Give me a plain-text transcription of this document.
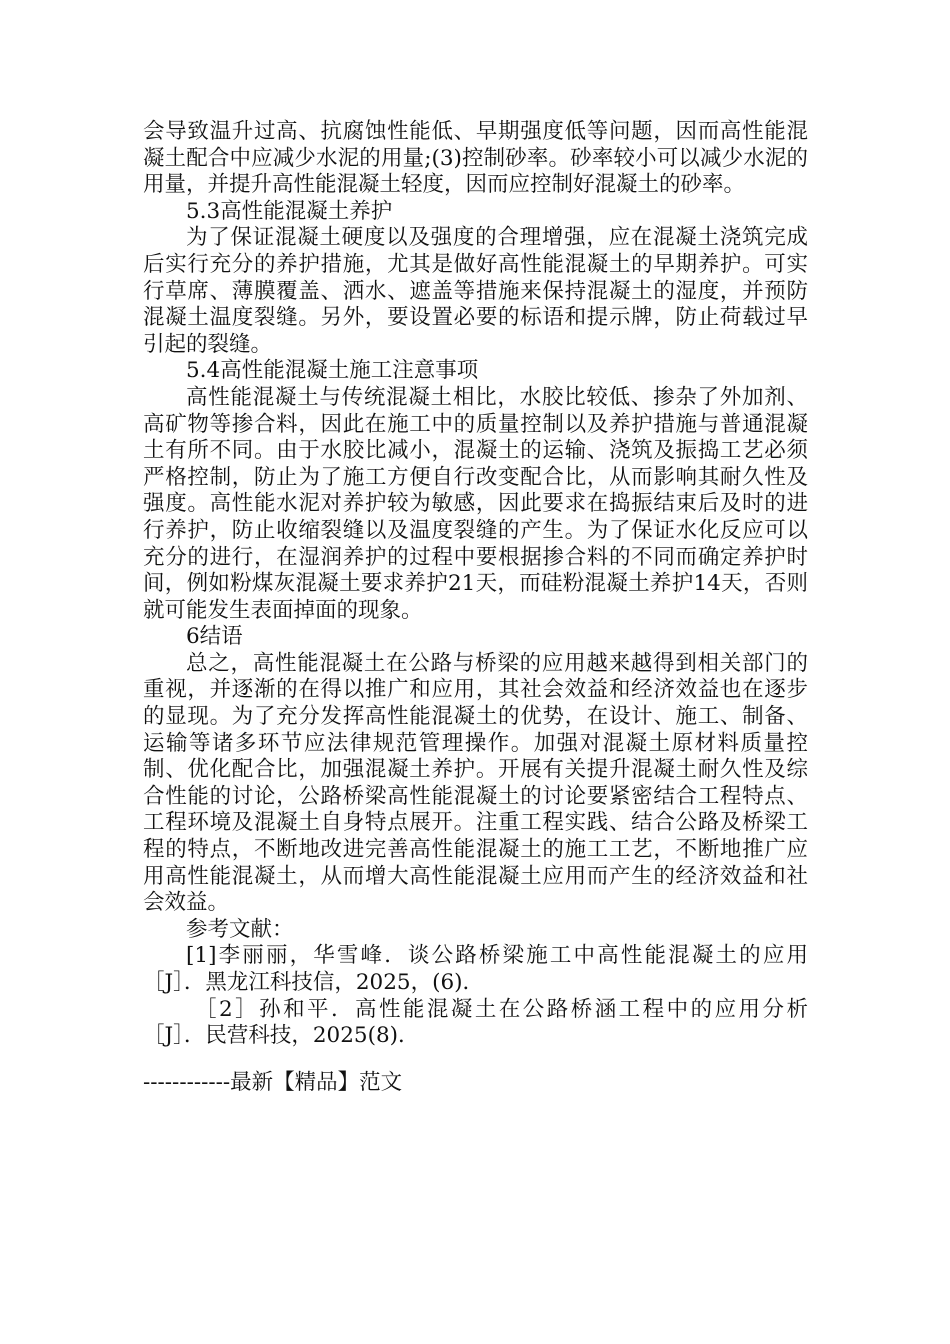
会导致温升过高、抗腐蚀性能低、早期强度低等问题，因而高性能混凝土配合中应减少水泥的用量;(3)控制砂率。砂率较小可以减少水泥的用量，并提升高性能混凝土轻度，因而应控制好混凝土的砂率。

5.3高性能混凝土养护

为了保证混凝土硬度以及强度的合理增强，应在混凝土浇筑完成后实行充分的养护措施，尤其是做好高性能混凝土的早期养护。可实行草席、薄膜覆盖、洒水、遮盖等措施来保持混凝土的湿度，并预防混凝土温度裂缝。另外，要设置必要的标语和提示牌，防止荷载过早引起的裂缝。

5.4高性能混凝土施工注意事项

高性能混凝土与传统混凝土相比，水胶比较低、掺杂了外加剂、高矿物等掺合料，因此在施工中的质量控制以及养护措施与普通混凝土有所不同。由于水胶比减小，混凝土的运输、浇筑及振捣工艺必须严格控制，防止为了施工方便自行改变配合比，从而影响其耐久性及强度。高性能水泥对养护较为敏感，因此要求在捣振结束后及时的进行养护，防止收缩裂缝以及温度裂缝的产生。为了保证水化反应可以充分的进行，在湿润养护的过程中要根据掺合料的不同而确定养护时间，例如粉煤灰混凝土要求养护21天，而硅粉混凝土养护14天，否则就可能发生表面掉面的现象。

6结语

总之，高性能混凝土在公路与桥梁的应用越来越得到相关部门的重视，并逐渐的在得以推广和应用，其社会效益和经济效益也在逐步的显现。为了充分发挥高性能混凝土的优势，在设计、施工、制备、运输等诸多环节应法律规范管理操作。加强对混凝土原材料质量控制、优化配合比，加强混凝土养护。开展有关提升混凝土耐久性及综合性能的讨论，公路桥梁高性能混凝土的讨论要紧密结合工程特点、工程环境及混凝土自身特点展开。注重工程实践、结合公路及桥梁工程的特点，不断地改进完善高性能混凝土的施工工艺，不断地推广应用高性能混凝土，从而增大高性能混凝土应用而产生的经济效益和社会效益。

参考文献：

[1]李丽丽，华雪峰．谈公路桥梁施工中高性能混凝土的应用［J］．黑龙江科技信，2025，(6)．

［2］孙和平．高性能混凝土在公路桥涵工程中的应用分析［J］．民营科技，2025(8)．

------------最新【精品】范文
